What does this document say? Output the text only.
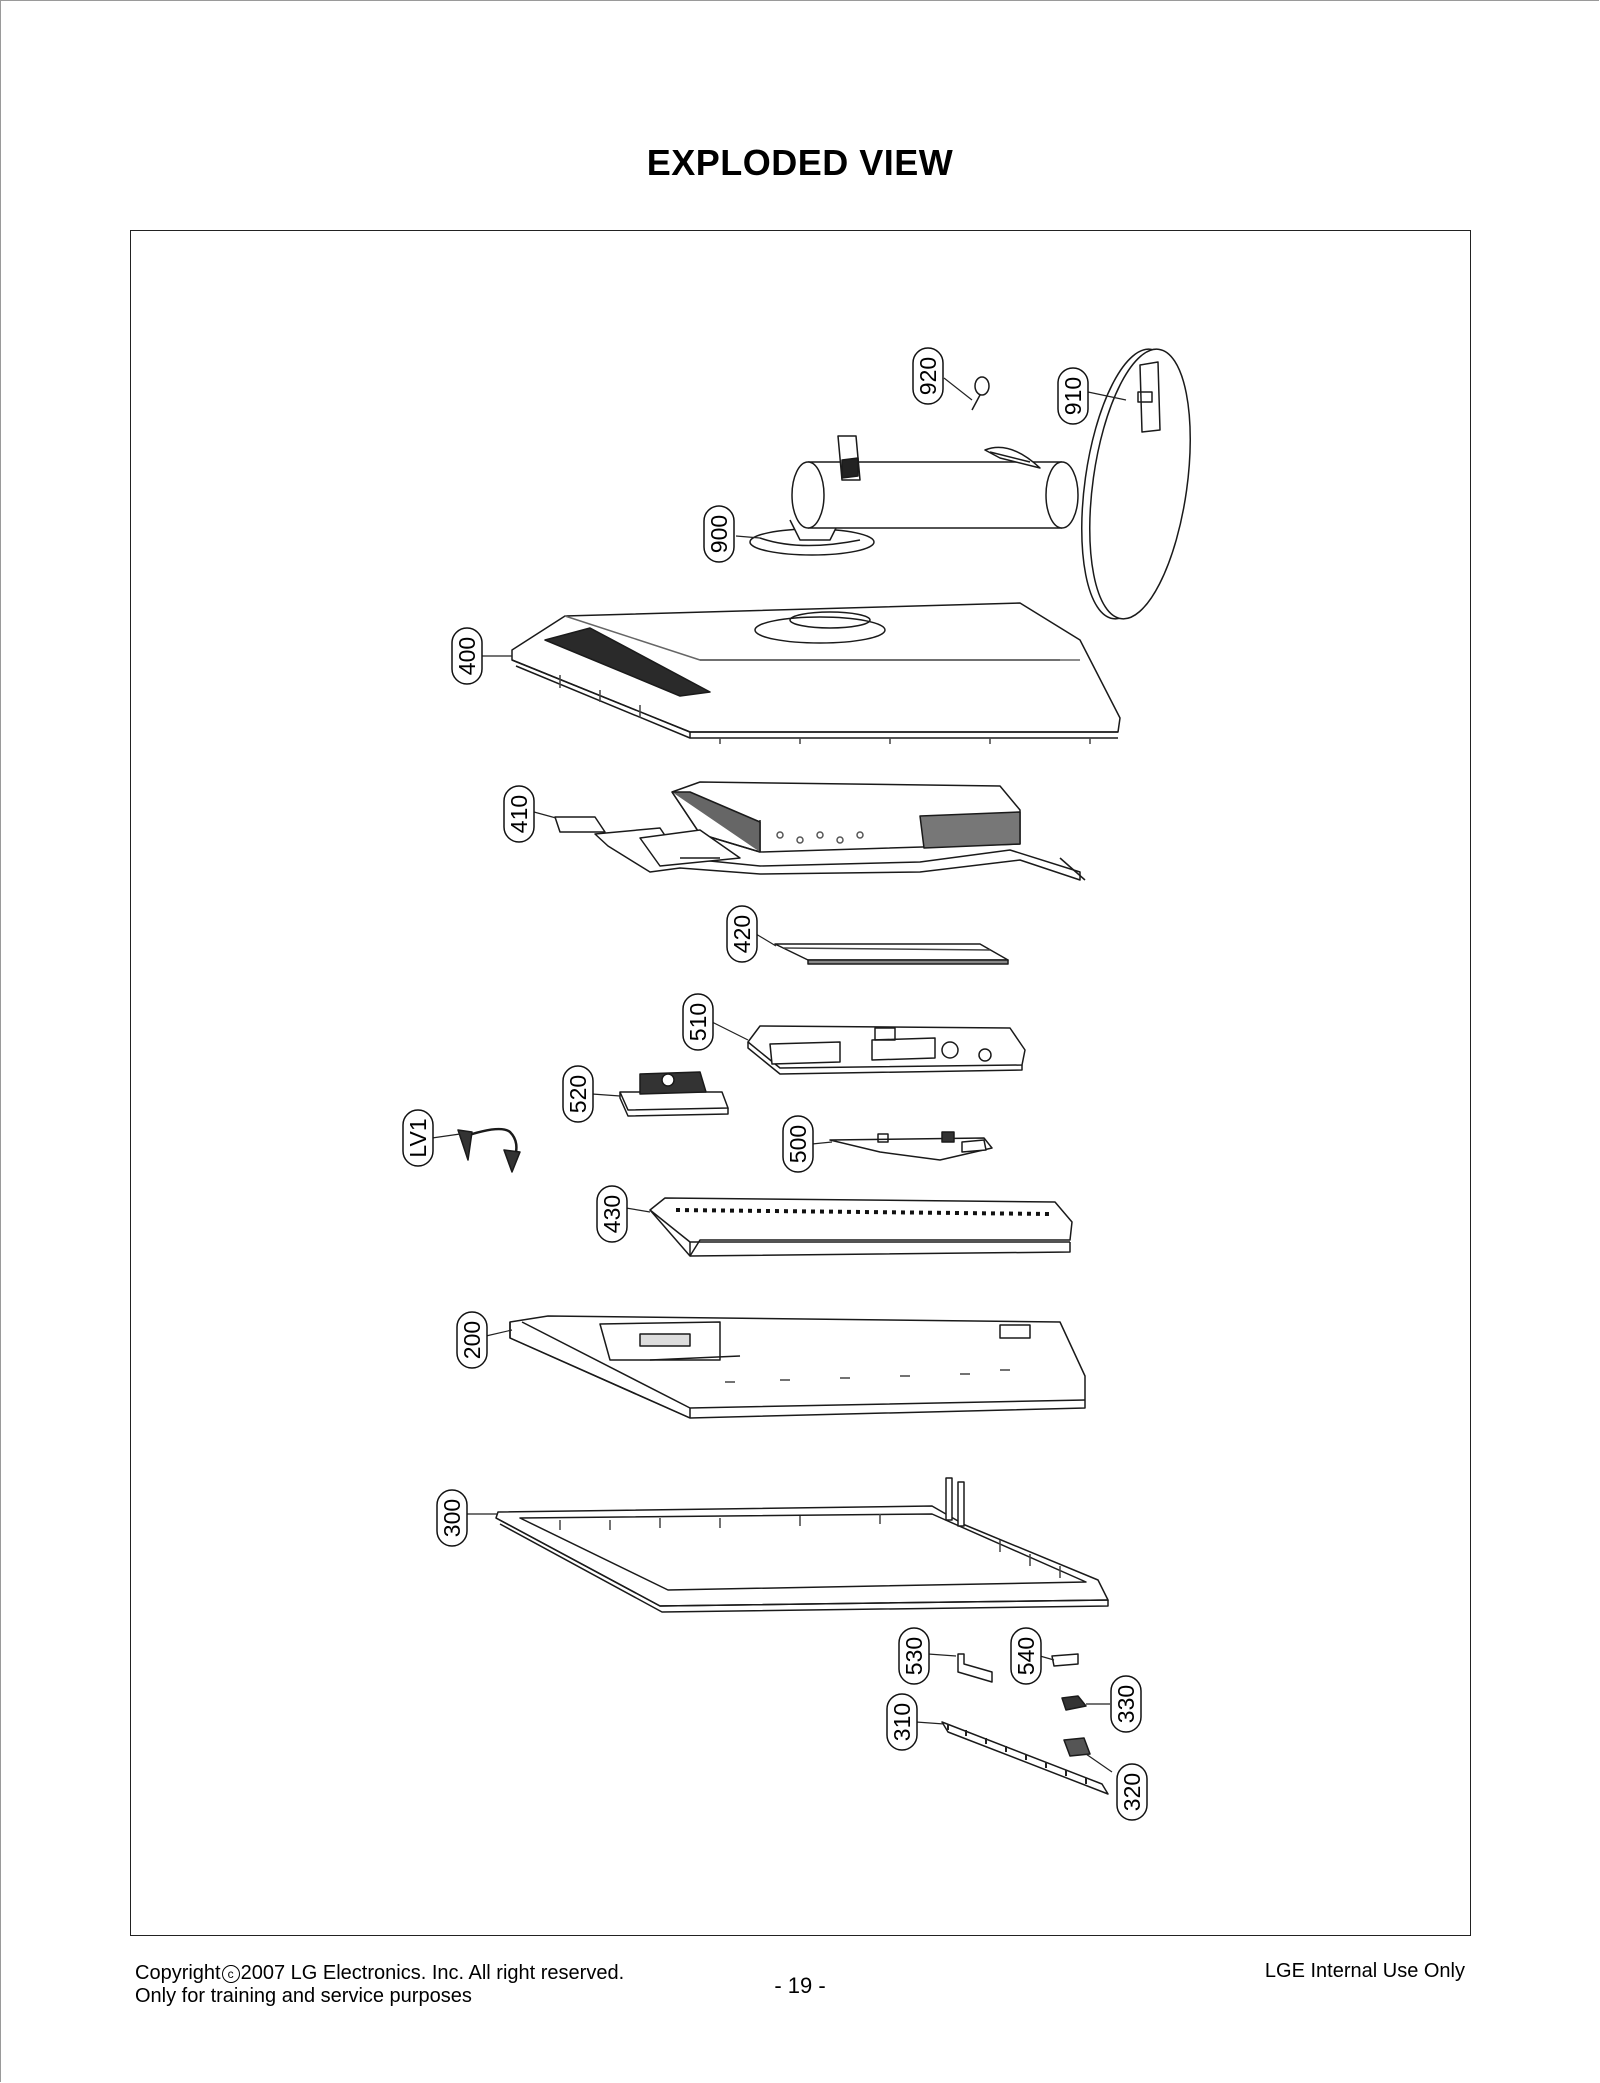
EXPLODED VIEW
920
910
900
400
410
420
510
520
LV1	500
430
200
300
530	540
330
310
320
Copyright c 2007 LG Electronics. Inc. All right reserved.
Only for training and service purposes	- 19 -
LGE Internal Use Only
